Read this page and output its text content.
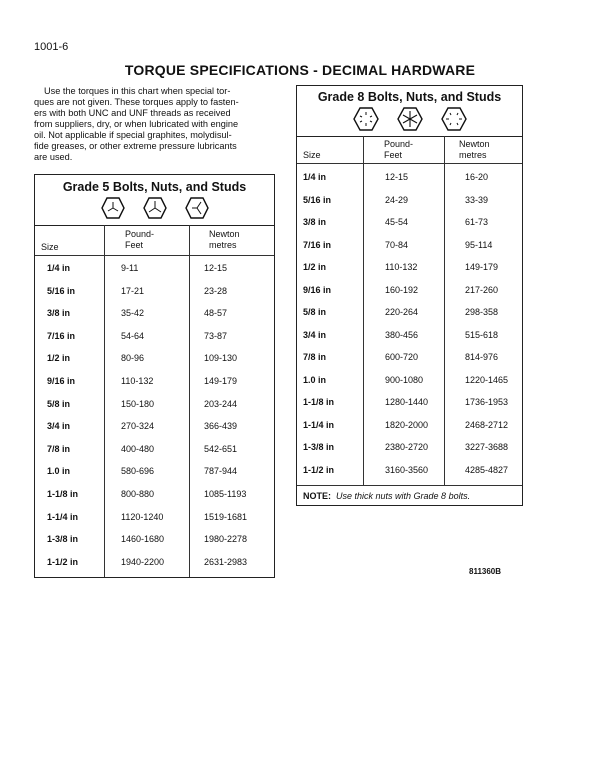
1001-6
TORQUE SPECIFICATIONS - DECIMAL HARDWARE
Use the torques in this chart when special tor-
ques are not given. These torques apply to fasten-
ers with both UNC and UNF threads as received
from suppliers, dry, or when lubricated with engine
oil. Not applicable if special graphites, molydisul-
fide greases, or other extreme pressure lubricants
are used.
Grade 5 Bolts, Nuts, and Studs
Size
Pound-
Feet
Newton
metres
1/4 in	9-11	12-15
5/16 in	17-21	23-28
3/8 in	35-42	48-57
7/16 in	54-64	73-87
1/2 in	80-96	109-130
9/16 in	110-132	149-179
5/8 in	150-180	203-244
3/4 in	270-324	366-439
7/8 in	400-480	542-651
1.0 in	580-696	787-944
1-1/8 in	800-880	1085-1193
1-1/4 in	1120-1240	1519-1681
1-3/8 in	1460-1680	1980-2278
1-1/2 in	1940-2200	2631-2983
Grade 8 Bolts, Nuts, and Studs
Size
Pound-
Feet
Newton
metres
1/4 in	12-15	16-20
5/16 in	24-29	33-39
3/8 in	45-54	61-73
7/16 in	70-84	95-114
1/2 in	110-132	149-179
9/16 in	160-192	217-260
5/8 in	220-264	298-358
3/4 in	380-456	515-618
7/8 in	600-720	814-976
1.0 in	900-1080	1220-1465
1-1/8 in	1280-1440	1736-1953
1-1/4 in	1820-2000	2468-2712
1-3/8 in	2380-2720	3227-3688
1-1/2 in	3160-3560	4285-4827
NOTE: Use thick nuts with Grade 8 bolts.
811360B
